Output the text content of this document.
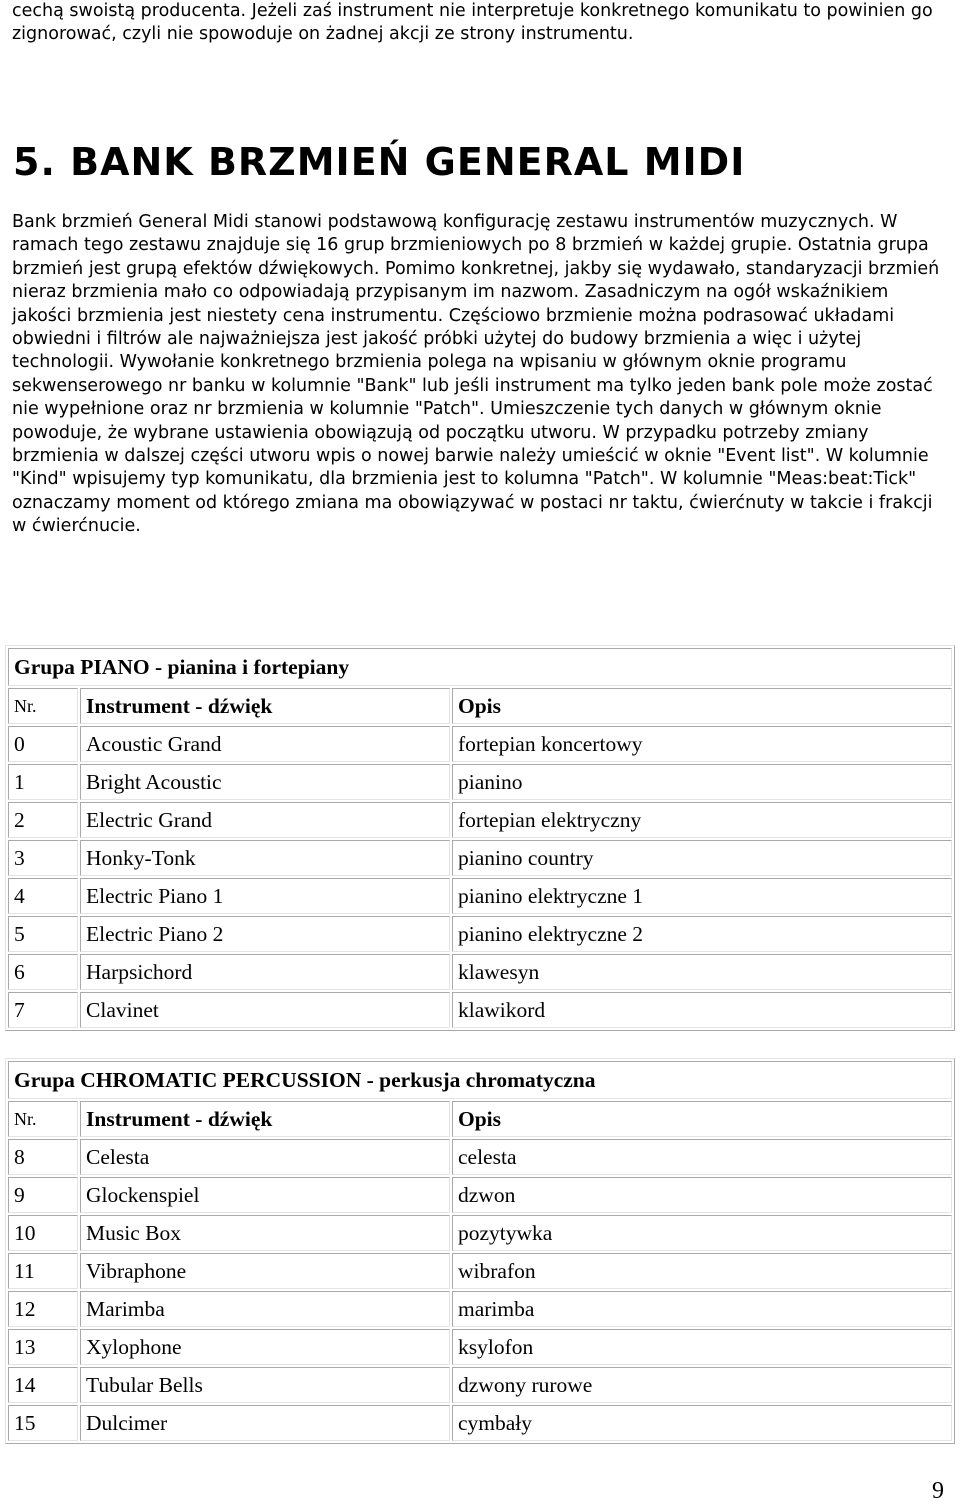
cechą swoistą producenta. Jeżeli zaś instrument nie interpretuje konkretnego komunikatu to powinien go zignorować, czyli nie spowoduje on żadnej akcji ze strony instrumentu.

5. BANK BRZMIEŃ GENERAL MIDI

Bank brzmień General Midi stanowi podstawową konfigurację zestawu instrumentów muzycznych. W ramach tego zestawu znajduje się 16 grup brzmieniowych po 8 brzmień w każdej grupie. Ostatnia grupa brzmień jest grupą efektów dźwiękowych. Pomimo konkretnej, jakby się wydawało, standaryzacji brzmień nieraz brzmienia mało co odpowiadają przypisanym im nazwom. Zasadniczym na ogół wskaźnikiem jakości brzmienia jest niestety cena instrumentu. Częściowo brzmienie można podrasować układami obwiedni i filtrów ale najważniejsza jest jakość próbki użytej do budowy brzmienia a więc i użytej technologii. Wywołanie konkretnego brzmienia polega na wpisaniu w głównym oknie programu sekwenserowego nr banku w kolumnie "Bank" lub jeśli instrument ma tylko jeden bank pole może zostać nie wypełnione oraz nr brzmienia w kolumnie "Patch". Umieszczenie tych danych w głównym oknie powoduje, że wybrane ustawienia obowiązują od początku utworu. W przypadku potrzeby zmiany brzmienia w dalszej części utworu wpis o nowej barwie należy umieścić w oknie "Event list". W kolumnie "Kind" wpisujemy typ komunikatu, dla brzmienia jest to kolumna "Patch". W kolumnie "Meas:beat:Tick" oznaczamy moment od którego zmiana ma obowiązywać w postaci nr taktu, ćwierćnuty w takcie i frakcji w ćwierćnucie.

Grupa PIANO - pianina i fortepiany		
Nr.	Instrument - dźwięk	Opis
0	Acoustic Grand	fortepian koncertowy
1	Bright Acoustic	pianino
2	Electric Grand	fortepian elektryczny
3	Honky-Tonk	pianino country
4	Electric Piano 1	pianino elektryczne 1
5	Electric Piano 2	pianino elektryczne 2
6	Harpsichord	klawesyn
7	Clavinet	klawikord
Grupa CHROMATIC PERCUSSION - perkusja chromatyczna		
Nr.	Instrument - dźwięk	Opis
8	Celesta	celesta
9	Glockenspiel	dzwon
10	Music Box	pozytywka
11	Vibraphone	wibrafon
12	Marimba	marimba
13	Xylophone	ksylofon
14	Tubular Bells	dzwony rurowe
15	Dulcimer	cymbały
9
